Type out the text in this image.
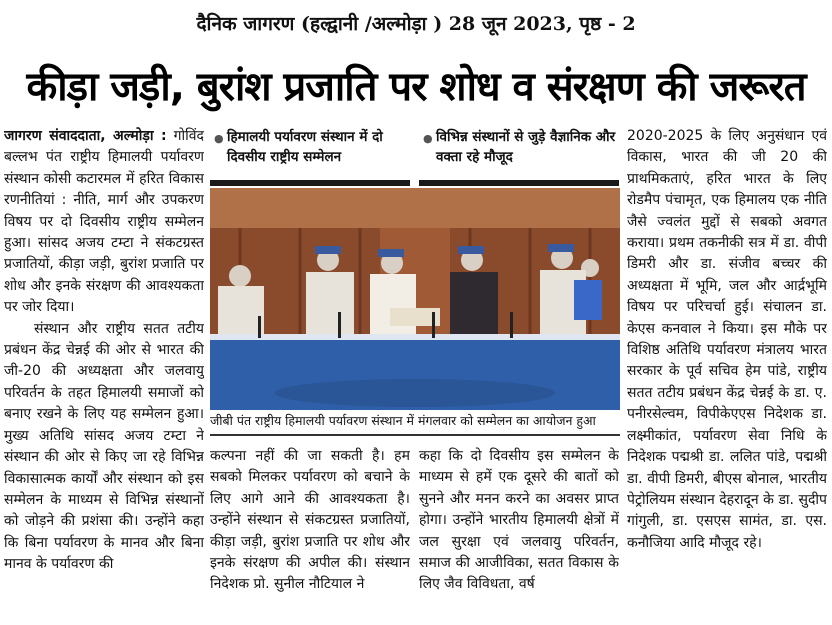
दैनिक जागरण (हल्द्वानी /अल्मोड़ा ) 28 जून 2023, पृष्ठ - 2
कीड़ा जड़ी, बुरांश प्रजाति पर शोध व संरक्षण की जरूरत

जागरण संवाददाता, अल्मोड़ा : गोविंद बल्लभ पंत राष्ट्रीय हिमालयी पर्यावरण संस्थान कोसी कटारमल में हरित विकास रणनीतियां : नीति, मार्ग और उपकरण विषय पर दो दिवसीय राष्ट्रीय सम्मेलन हुआ। सांसद अजय टम्टा ने संकटग्रस्त प्रजातियों, कीड़ा जड़ी, बुरांश प्रजाति पर शोध और इनके संरक्षण की आवश्यकता पर जोर दिया।

संस्थान और राष्ट्रीय सतत तटीय प्रबंधन केंद्र चेन्नई की ओर से भारत की जी-20 की अध्यक्षता और जलवायु परिवर्तन के तहत हिमालयी समाजों को बनाए रखने के लिए यह सम्मेलन हुआ। मुख्य अतिथि सांसद अजय टम्टा ने संस्थान की ओर से किए जा रहे विभिन्न विकासात्मक कार्यों और संस्थान को इस सम्मेलन के माध्यम से विभिन्न संस्थानों को जोड़ने की प्रशंसा की। उन्होंने कहा कि बिना पर्यावरण के मानव और बिना मानव के पर्यावरण की

● हिमालयी पर्यावरण संस्थान में दो दिवसीय राष्ट्रीय सम्मेलन
● विभिन्न संस्थानों से जुड़े वैज्ञानिक और वक्ता रहे मौजूद
जीबी पंत राष्ट्रीय हिमालयी पर्यावरण संस्थान में मंगलवार को सम्मेलन का आयोजन हुआ

कल्पना नहीं की जा सकती है। हम सबको मिलकर पर्यावरण को बचाने के लिए आगे आने की आवश्यकता है। उन्होंने संस्थान से संकटग्रस्त प्रजातियों, कीड़ा जड़ी, बुरांश प्रजाति पर शोध और इनके संरक्षण की अपील की। संस्थान निदेशक प्रो. सुनील नौटियाल ने

कहा कि दो दिवसीय इस सम्मेलन के माध्यम से हमें एक दूसरे की बातों को सुनने और मनन करने का अवसर प्राप्त होगा। उन्होंने भारतीय हिमालयी क्षेत्रों में जल सुरक्षा एवं जलवायु परिवर्तन, समाज की आजीविका, सतत विकास के लिए जैव विविधता, वर्ष

2020-2025 के लिए अनुसंधान एवं विकास, भारत की जी 20 की प्राथमिकताएं, हरित भारत के लिए रोडमैप पंचामृत, एक हिमालय एक नीति जैसे ज्वलंत मुद्दों से सबको अवगत कराया। प्रथम तकनीकी सत्र में डा. वीपी डिमरी और डा. संजीव बच्चर की अध्यक्षता में भूमि, जल और आर्द्रभूमि विषय पर परिचर्चा हुई। संचालन डा. केएस कनवाल ने किया। इस मौके पर विशिष्ठ अतिथि पर्यावरण मंत्रालय भारत सरकार के पूर्व सचिव हेम पांडे, राष्ट्रीय सतत तटीय प्रबंधन केंद्र चेन्नई के डा. ए. पनीरसेल्वम, विपीकेएएस निदेशक डा. लक्ष्मीकांत, पर्यावरण सेवा निधि के निदेशक पद्मश्री डा. ललित पांडे, पद्मश्री डा. वीपी डिमरी, बीएस बोनाल, भारतीय पेट्रोलियम संस्थान देहरादून के डा. सुदीप गांगुली, डा. एसएस सामंत, डा. एस. कनौजिया आदि मौजूद रहे।
